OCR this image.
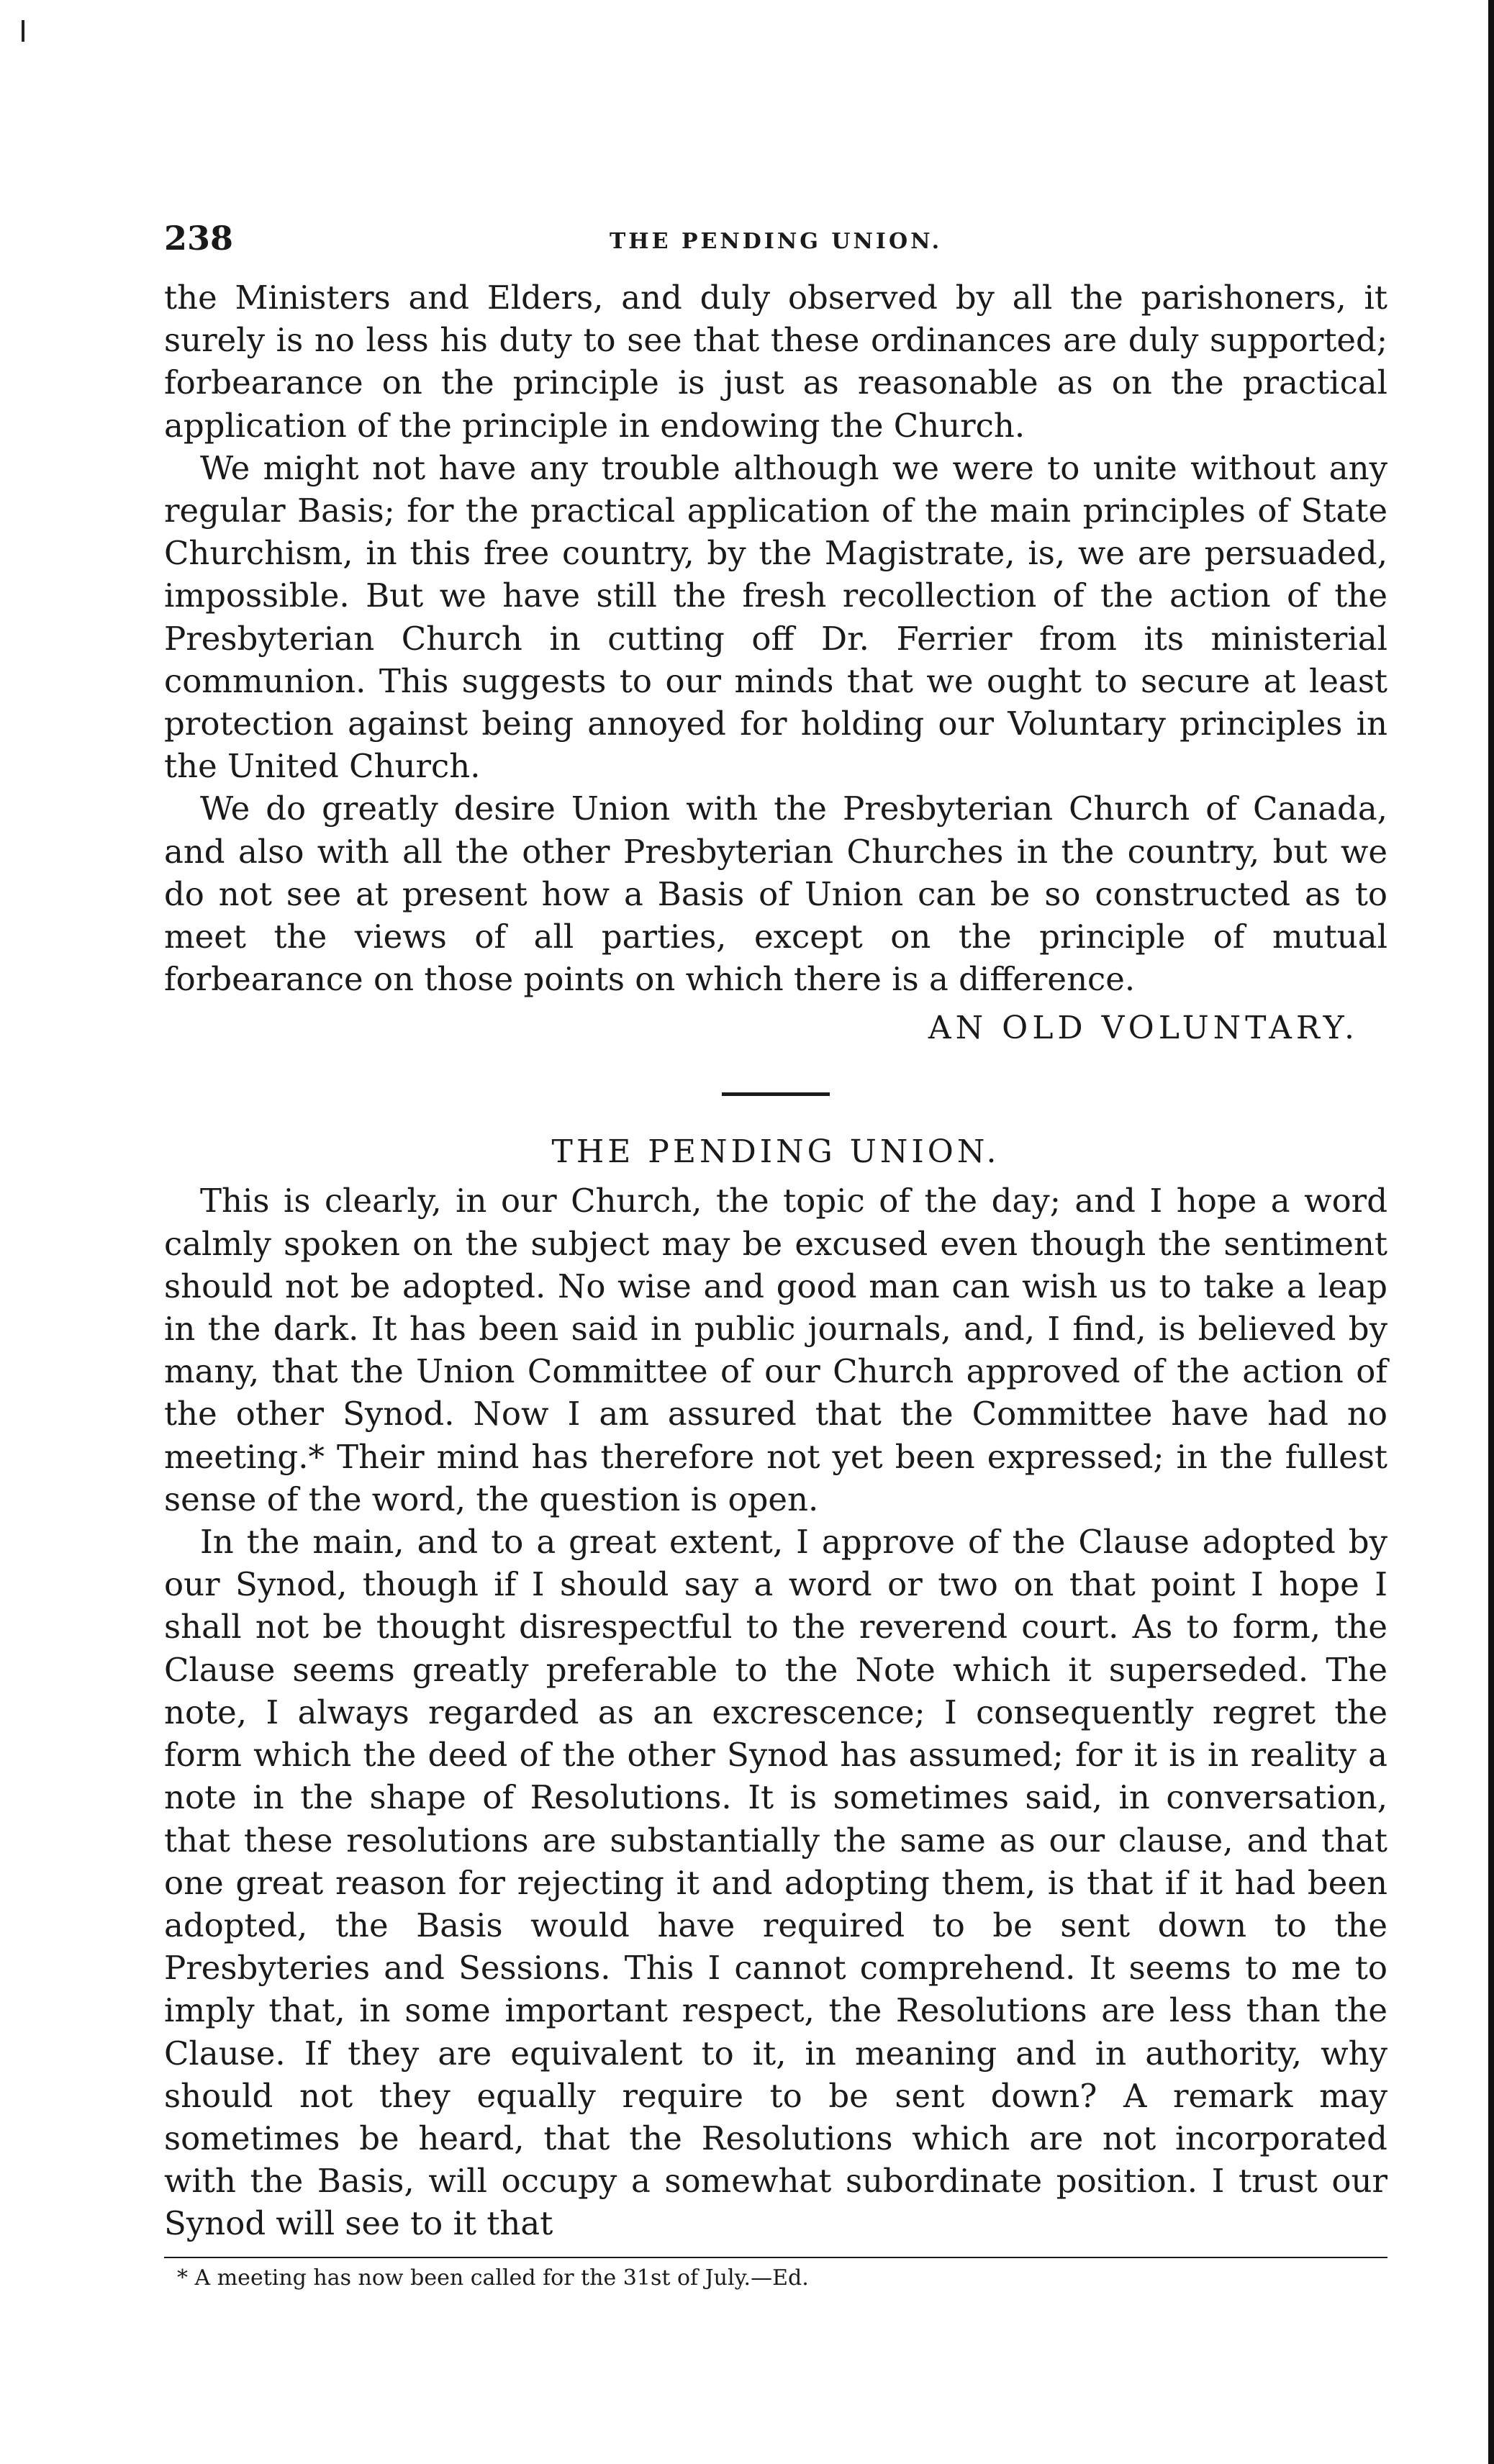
238	THE PENDING UNION.

the Ministers and Elders, and duly observed by all the parishoners, it surely is no less his duty to see that these ordinances are duly supported; forbearance on the principle is just as reasonable as on the practical application of the principle in endowing the Church.

We might not have any trouble although we were to unite without any regular Basis; for the practical application of the main principles of State Churchism, in this free country, by the Magistrate, is, we are persuaded, impossible. But we have still the fresh recollection of the action of the Presbyterian Church in cutting off Dr. Ferrier from its ministerial communion. This suggests to our minds that we ought to secure at least protection against being annoyed for holding our Voluntary principles in the United Church.

We do greatly desire Union with the Presbyterian Church of Canada, and also with all the other Presbyterian Churches in the country, but we do not see at present how a Basis of Union can be so constructed as to meet the views of all parties, except on the principle of mutual forbearance on those points on which there is a difference.

AN OLD VOLUNTARY.
THE PENDING UNION.

This is clearly, in our Church, the topic of the day; and I hope a word calmly spoken on the subject may be excused even though the sentiment should not be adopted. No wise and good man can wish us to take a leap in the dark. It has been said in public journals, and, I find, is believed by many, that the Union Committee of our Church approved of the action of the other Synod. Now I am assured that the Committee have had no meeting.* Their mind has therefore not yet been expressed; in the fullest sense of the word, the question is open.

In the main, and to a great extent, I approve of the Clause adopted by our Synod, though if I should say a word or two on that point I hope I shall not be thought disrespectful to the reverend court. As to form, the Clause seems greatly preferable to the Note which it superseded. The note, I always regarded as an excrescence; I consequently regret the form which the deed of the other Synod has assumed; for it is in reality a note in the shape of Resolutions. It is sometimes said, in conversation, that these resolutions are substantially the same as our clause, and that one great reason for rejecting it and adopting them, is that if it had been adopted, the Basis would have required to be sent down to the Presbyteries and Sessions. This I cannot comprehend. It seems to me to imply that, in some important respect, the Resolutions are less than the Clause. If they are equivalent to it, in meaning and in authority, why should not they equally require to be sent down? A remark may sometimes be heard, that the Resolutions which are not incorporated with the Basis, will occupy a somewhat subordinate position. I trust our Synod will see to it that

* A meeting has now been called for the 31st of July.—Ed.
